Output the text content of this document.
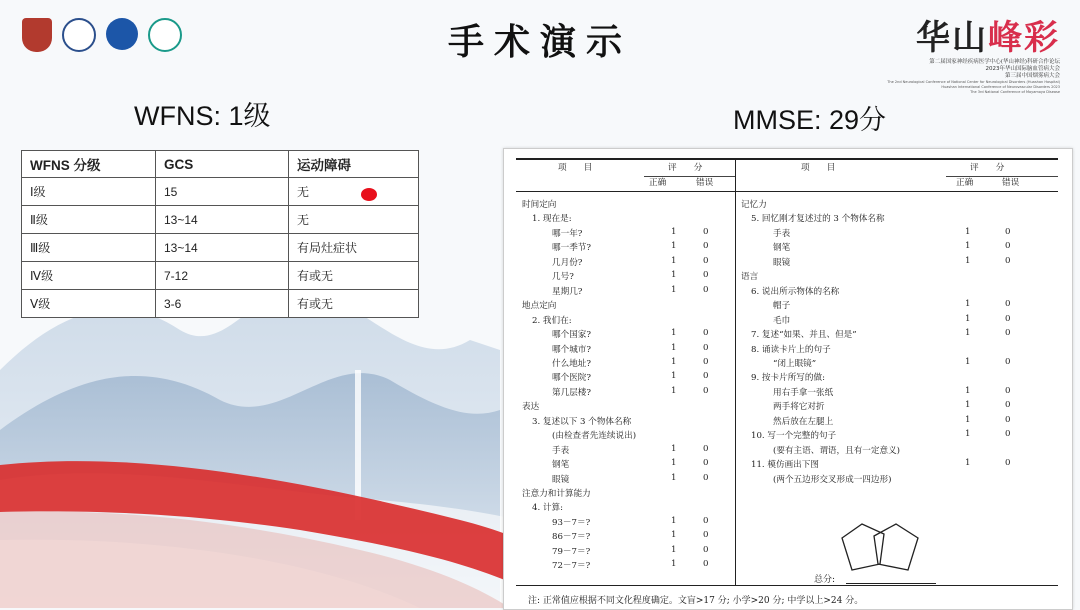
手术演示	华山峰彩
第二届国家神经疾病医学中心(华山神经)科研合作论坛
2023年华山国际脑血管病大会
第三届中国烟雾病大会
The 2nd Neurological Conference of National Center for Neurological Disorders (Huashan Hospital)
Huashan International Conference of Neurovascular Disorders 2023
The 3rd National Conference of Moyamoya Disease
WFNS: 1级	MMSE: 29分
WFNS 分级	GCS	运动障碍
Ⅰ级	15	无
Ⅱ级	13~14	无
Ⅲ级	13~14	有局灶症状
Ⅳ级	7-12	有或无
Ⅴ级	3-6	有或无
项　　目	评　　分
正确	错误
项　　目	评　　分
正确	错误
时间定向
1. 现在是:
哪一年?	1	0
哪一季节?	1	0
几月份?	1	0
几号?	1	0
星期几?	1	0
地点定向
2. 我们在:
哪个国家?	1	0
哪个城市?	1	0
什么地址?	1	0
哪个医院?	1	0
第几层楼?	1	0
表达
3. 复述以下 3 个物体名称
(由检查者先连续说出)
手表	1	0
钢笔	1	0
眼镜	1	0
注意力和计算能力
4. 计算:
93－7＝?	1	0
86－7＝?	1	0
79－7＝?	1	0
72－7＝?	1	0
记忆力
5. 回忆刚才复述过的 3 个物体名称
手表	1	0
钢笔	1	0
眼镜	1	0
语言
6. 说出所示物体的名称
帽子	1	0
毛巾	1	0
7. 复述“如果、并且、但是”	1	0
8. 诵读卡片上的句子
“闭上眼镜”	1	0
9. 按卡片所写的做:
用右手拿一张纸	1	0
两手将它对折	1	0
然后放在左腿上	1	0
10. 写一个完整的句子	1	0
(要有主语、谓语，且有一定意义)
11. 模仿画出下图	1	0
(两个五边形交叉形成一四边形)
总分:
注: 正常值应根据不同文化程度确定。文盲>17 分; 小学>20 分; 中学以上>24 分。
